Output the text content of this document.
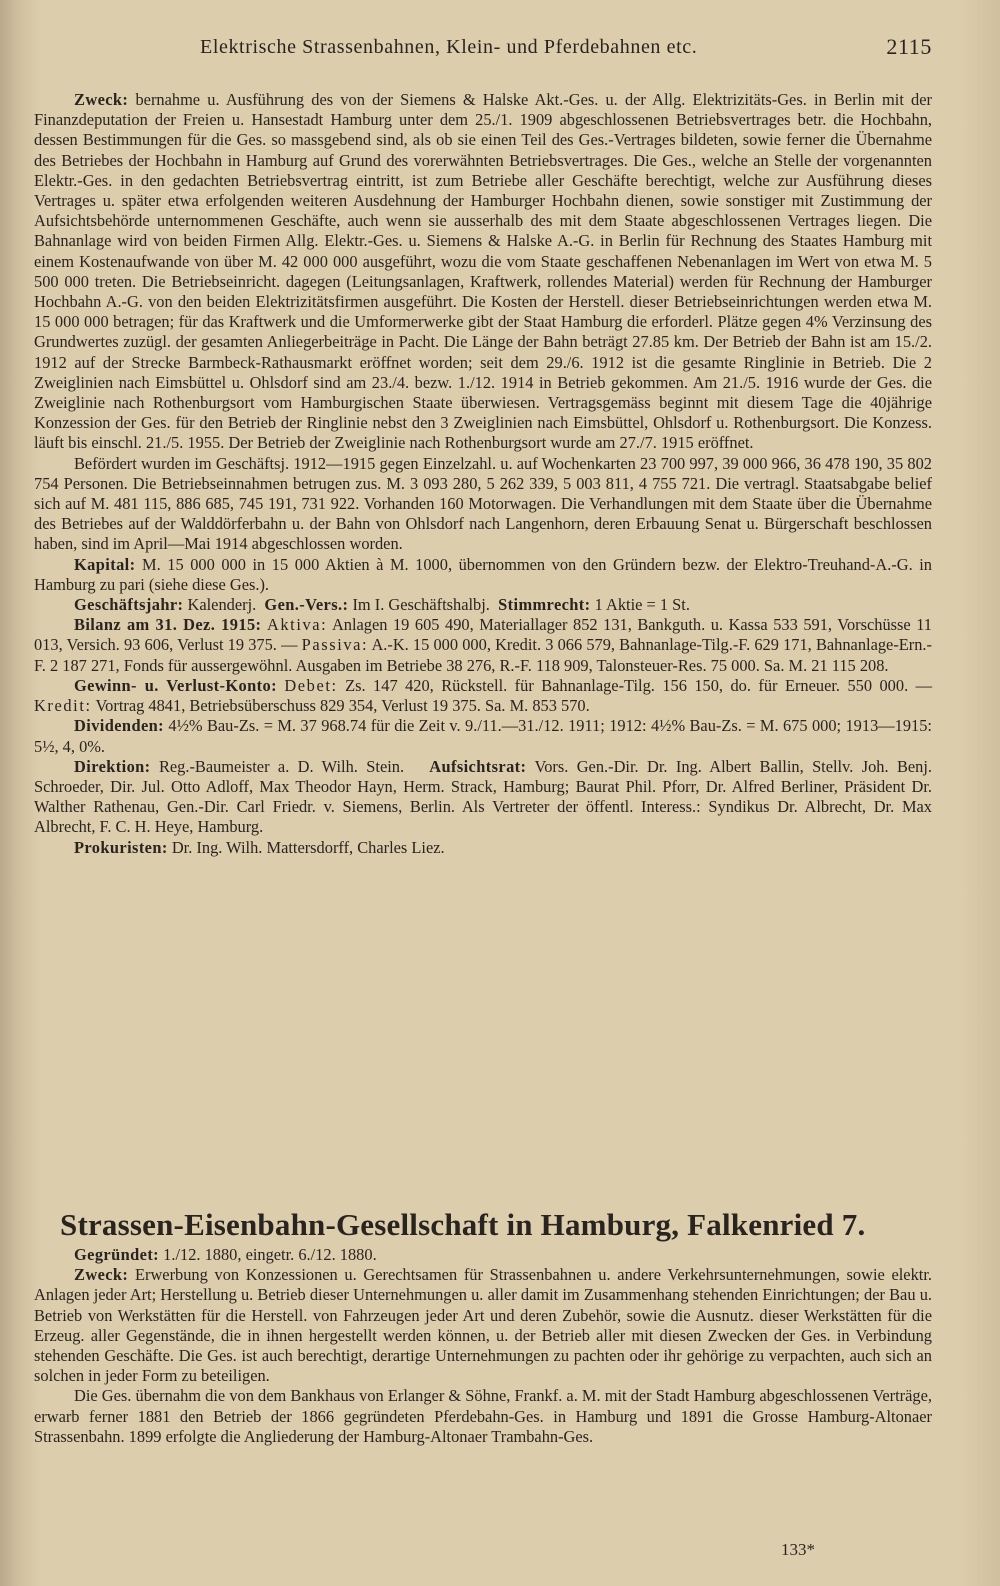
Elektrische Strassenbahnen, Klein- und Pferdebahnen etc.	2115

Zweck: bernahme u. Ausführung des von der Siemens & Halske Akt.-Ges. u. der Allg. Elektrizitäts-Ges. in Berlin mit der Finanzdeputation der Freien u. Hansestadt Hamburg unter dem 25./1. 1909 abgeschlossenen Betriebsvertrages betr. die Hochbahn, dessen Bestimmungen für die Ges. so massgebend sind, als ob sie einen Teil des Ges.-Vertrages bildeten, sowie ferner die Übernahme des Betriebes der Hochbahn in Hamburg auf Grund des vorerwähnten Betriebsvertrages. Die Ges., welche an Stelle der vorgenannten Elektr.-Ges. in den gedachten Betriebsvertrag eintritt, ist zum Betriebe aller Geschäfte berechtigt, welche zur Ausführung dieses Vertrages u. später etwa erfolgenden weiteren Ausdehnung der Hamburger Hochbahn dienen, sowie sonstiger mit Zustimmung der Aufsichtsbehörde unternommenen Geschäfte, auch wenn sie ausserhalb des mit dem Staate abgeschlossenen Vertrages liegen. Die Bahnanlage wird von beiden Firmen Allg. Elektr.-Ges. u. Siemens & Halske A.-G. in Berlin für Rechnung des Staates Hamburg mit einem Kostenaufwande von über M. 42 000 000 ausgeführt, wozu die vom Staate geschaffenen Nebenanlagen im Wert von etwa M. 5 500 000 treten. Die Betriebseinricht. dagegen (Leitungsanlagen, Kraftwerk, rollendes Material) werden für Rechnung der Hamburger Hochbahn A.-G. von den beiden Elektrizitätsfirmen ausgeführt. Die Kosten der Herstell. dieser Betriebseinrichtungen werden etwa M. 15 000 000 betragen; für das Kraftwerk und die Umformerwerke gibt der Staat Hamburg die erforderl. Plätze gegen 4% Verzinsung des Grundwertes zuzügl. der gesamten Anliegerbeiträge in Pacht. Die Länge der Bahn beträgt 27.85 km. Der Betrieb der Bahn ist am 15./2. 1912 auf der Strecke Barmbeck-Rathausmarkt eröffnet worden; seit dem 29./6. 1912 ist die gesamte Ringlinie in Betrieb. Die 2 Zweiglinien nach Eimsbüttel u. Ohlsdorf sind am 23./4. bezw. 1./12. 1914 in Betrieb gekommen. Am 21./5. 1916 wurde der Ges. die Zweiglinie nach Rothenburgsort vom Hamburgischen Staate überwiesen. Vertragsgemäss beginnt mit diesem Tage die 40jährige Konzession der Ges. für den Betrieb der Ringlinie nebst den 3 Zweiglinien nach Eimsbüttel, Ohlsdorf u. Rothenburgsort. Die Konzess. läuft bis einschl. 21./5. 1955. Der Betrieb der Zweiglinie nach Rothenburgsort wurde am 27./7. 1915 eröffnet.

Befördert wurden im Geschäftsj. 1912—1915 gegen Einzelzahl. u. auf Wochenkarten 23 700 997, 39 000 966, 36 478 190, 35 802 754 Personen. Die Betriebseinnahmen betrugen zus. M. 3 093 280, 5 262 339, 5 003 811, 4 755 721. Die vertragl. Staatsabgabe belief sich auf M. 481 115, 886 685, 745 191, 731 922. Vorhanden 160 Motorwagen. Die Verhandlungen mit dem Staate über die Übernahme des Betriebes auf der Walddörferbahn u. der Bahn von Ohlsdorf nach Langenhorn, deren Erbauung Senat u. Bürgerschaft beschlossen haben, sind im April—Mai 1914 abgeschlossen worden.

Kapital: M. 15 000 000 in 15 000 Aktien à M. 1000, übernommen von den Gründern bezw. der Elektro-Treuhand-A.-G. in Hamburg zu pari (siehe diese Ges.).

Geschäftsjahr: Kalenderj. Gen.-Vers.: Im I. Geschäftshalbj. Stimmrecht: 1 Aktie = 1 St.

Bilanz am 31. Dez. 1915: Aktiva: Anlagen 19 605 490, Materiallager 852 131, Bankguth. u. Kassa 533 591, Vorschüsse 11 013, Versich. 93 606, Verlust 19 375. — Passiva: A.-K. 15 000 000, Kredit. 3 066 579, Bahnanlage-Tilg.-F. 629 171, Bahnanlage-Ern.-F. 2 187 271, Fonds für aussergewöhnl. Ausgaben im Betriebe 38 276, R.-F. 118 909, Talonsteuer-Res. 75 000. Sa. M. 21 115 208.

Gewinn- u. Verlust-Konto: Debet: Zs. 147 420, Rückstell. für Bahnanlage-Tilg. 156 150, do. für Erneuer. 550 000. — Kredit: Vortrag 4841, Betriebsüberschuss 829 354, Verlust 19 375. Sa. M. 853 570.

Dividenden: 4½% Bau-Zs. = M. 37 968.74 für die Zeit v. 9./11.—31./12. 1911; 1912: 4½% Bau-Zs. = M. 675 000; 1913—1915: 5½, 4, 0%.

Direktion: Reg.-Baumeister a. D. Wilh. Stein. Aufsichtsrat: Vors. Gen.-Dir. Dr. Ing. Albert Ballin, Stellv. Joh. Benj. Schroeder, Dir. Jul. Otto Adloff, Max Theodor Hayn, Herm. Strack, Hamburg; Baurat Phil. Pforr, Dr. Alfred Berliner, Präsident Dr. Walther Rathenau, Gen.-Dir. Carl Friedr. v. Siemens, Berlin. Als Vertreter der öffentl. Interess.: Syndikus Dr. Albrecht, Dr. Max Albrecht, F. C. H. Heye, Hamburg.

Prokuristen: Dr. Ing. Wilh. Mattersdorff, Charles Liez.

Strassen-Eisenbahn-Gesellschaft in Hamburg, Falkenried 7.

Gegründet: 1./12. 1880, eingetr. 6./12. 1880.

Zweck: Erwerbung von Konzessionen u. Gerechtsamen für Strassenbahnen u. andere Verkehrsunternehmungen, sowie elektr. Anlagen jeder Art; Herstellung u. Betrieb dieser Unternehmungen u. aller damit im Zusammenhang stehenden Einrichtungen; der Bau u. Betrieb von Werkstätten für die Herstell. von Fahrzeugen jeder Art und deren Zubehör, sowie die Ausnutz. dieser Werkstätten für die Erzeug. aller Gegenstände, die in ihnen hergestellt werden können, u. der Betrieb aller mit diesen Zwecken der Ges. in Verbindung stehenden Geschäfte. Die Ges. ist auch berechtigt, derartige Unternehmungen zu pachten oder ihr gehörige zu verpachten, auch sich an solchen in jeder Form zu beteiligen.

Die Ges. übernahm die von dem Bankhaus von Erlanger & Söhne, Frankf. a. M. mit der Stadt Hamburg abgeschlossenen Verträge, erwarb ferner 1881 den Betrieb der 1866 gegründeten Pferdebahn-Ges. in Hamburg und 1891 die Grosse Hamburg-Altonaer Strassenbahn. 1899 erfolgte die Angliederung der Hamburg-Altonaer Trambahn-Ges.

133*
